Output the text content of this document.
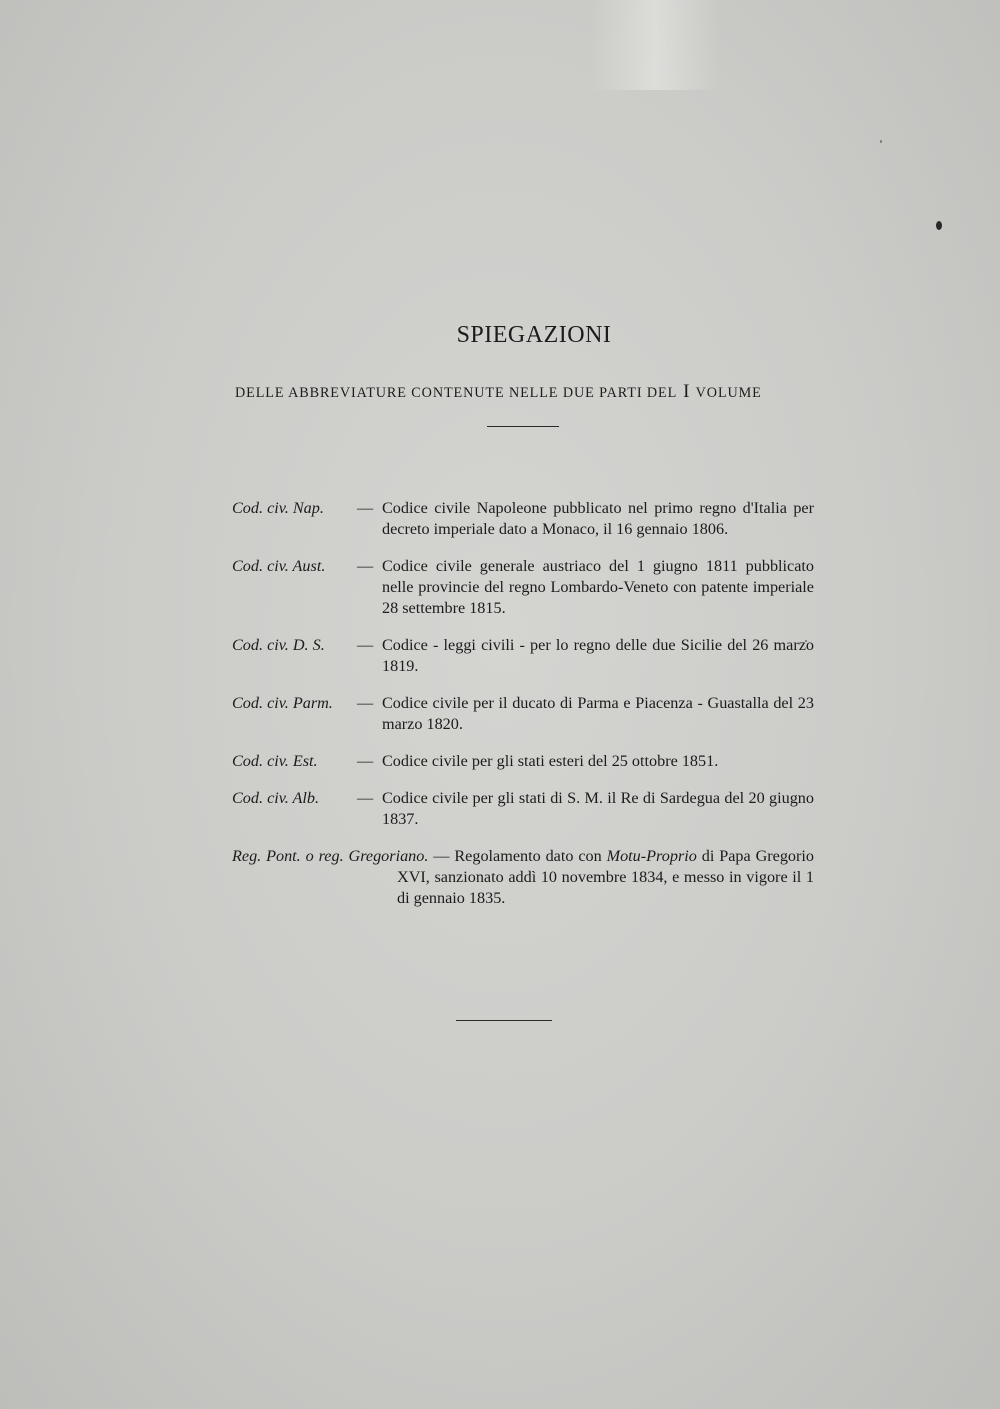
SPIEGAZIONI

DELLE ABBREVIATURE CONTENUTE NELLE DUE PARTI DEL I VOLUME

Cod. civ. Nap.	— Codice civile Napoleone pubblicato nel primo regno d'Italia per decreto imperiale dato a Monaco, il 16 gennaio 1806.
Cod. civ. Aust.	— Codice civile generale austriaco del 1 giugno 1811 pubblicato nelle provincie del regno Lombardo-Veneto con patente imperiale 28 settembre 1815.
Cod. civ. D. S.	— Codice - leggi civili - per lo regno delle due Sicilie del 26 marzo 1819.
Cod. civ. Parm.	— Codice civile per il ducato di Parma e Piacenza - Guastalla del 23 marzo 1820.
Cod. civ. Est.	— Codice civile per gli stati esteri del 25 ottobre 1851.
Cod. civ. Alb.	— Codice civile per gli stati di S. M. il Re di Sardegua del 20 giugno 1837.
Reg. Pont. o reg. Gregoriano. — Regolamento dato con Motu-Proprio di Papa Gregorio XVI, sanzionato addì 10 novembre 1834, e messo in vigore il 1 di gennaio 1835.
